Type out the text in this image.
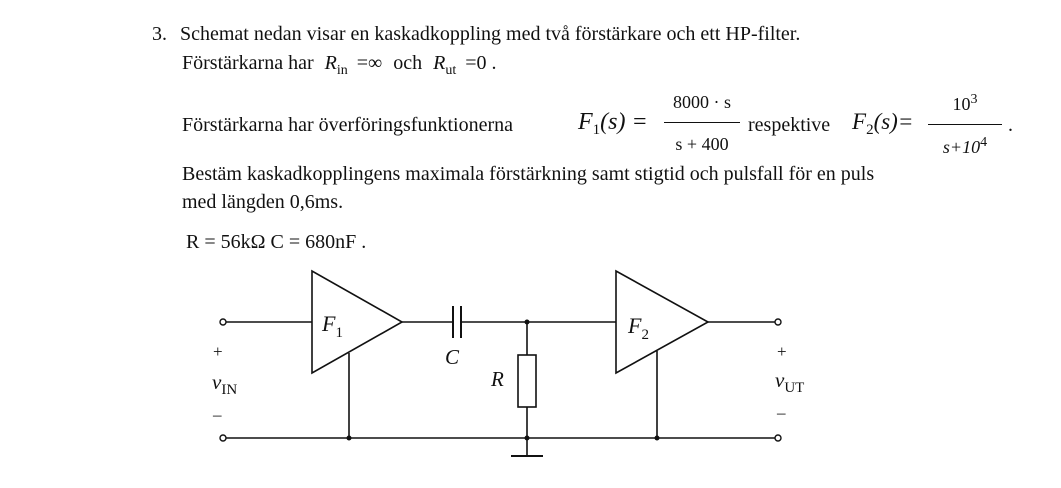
3. Schemat nedan visar en kaskadkoppling med två förstärkare och ett HP-filter.
Förstärkarna har $R_{in}$ =∞ och $R_{ut} =0$ .
Förstärkarna har överföringsfunktionerna	$F_1(s)$ =
8000 · s
s + 400
respektive $F_2(s)=$
$10^3$
$s+10^4$
.
Bestäm kaskadkopplingens maximala förstärkning samt stigtid och pulsfall för en puls
med längden 0,6ms.
R = 56kΩ C = 680nF .
$F_1$	$F_2$
C
R
+
$v_{IN}$
–
+
$v_{UT}$
–
